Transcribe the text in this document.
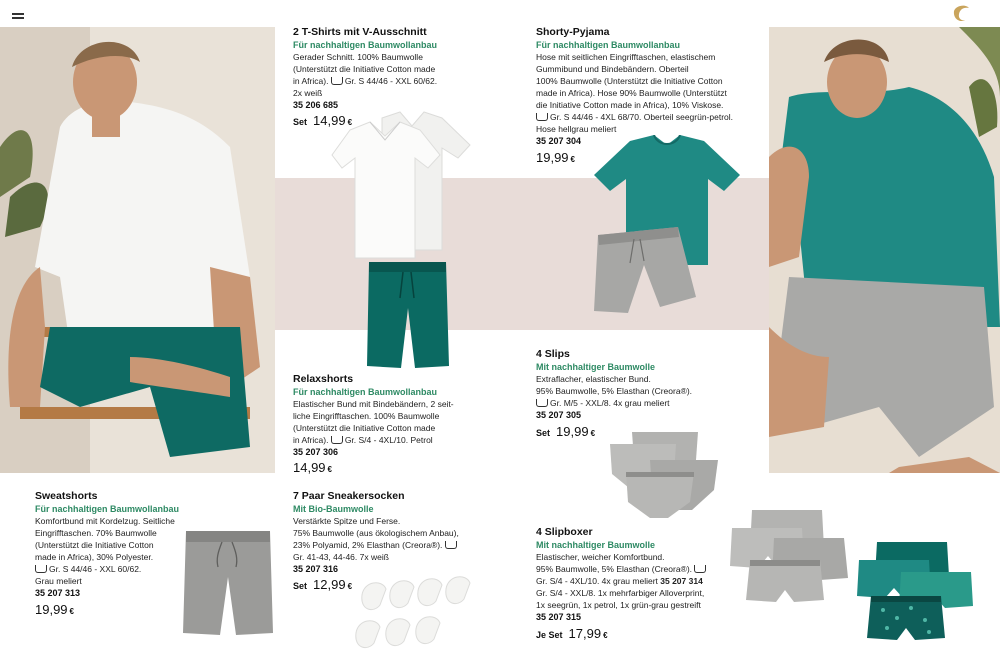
2 T-Shirts mit V-Ausschnitt
Für nachhaltigen Baumwollanbau
Gerader Schnitt. 100% Baumwolle
(Unterstützt die Initiative Cotton made
in Africa). Gr. S 44/46 - XXL 60/62.
2x weiß
35 206 685
Set 14,99 €
Relaxshorts
Für nachhaltigen Baumwollanbau
Elastischer Bund mit Bindebändern, 2 seit-
liche Eingrifftaschen. 100% Baumwolle
(Unterstützt die Initiative Cotton made
in Africa). Gr. S/4 - 4XL/10. Petrol
35 207 306
14,99 €
Shorty-Pyjama
Für nachhaltigen Baumwollanbau
Hose mit seitlichen Eingrifftaschen, elastischem
Gummibund und Bindebändern. Oberteil
100% Baumwolle (Unterstützt die Initiative Cotton
made in Africa). Hose 90% Baumwolle (Unterstützt
die Initiative Cotton made in Africa), 10% Viskose.
Gr. S 44/46 - 4XL 68/70. Oberteil seegrün-petrol.
Hose hellgrau meliert
35 207 304
19,99 €
4 Slips
Mit nachhaltiger Baumwolle
Extraflacher, elastischer Bund.
95% Baumwolle, 5% Elasthan (Creora®).
Gr. M/5 - XXL/8. 4x grau meliert
35 207 305
Set 19,99 €
Sweatshorts
Für nachhaltigen Baumwollanbau
Komfortbund mit Kordelzug. Seitliche
Eingrifftaschen. 70% Baumwolle
(Unterstützt die Initiative Cotton
made in Africa), 30% Polyester.
Gr. S 44/46 - XXL 60/62.
Grau meliert
35 207 313
19,99 €
7 Paar Sneakersocken
Mit Bio-Baumwolle
Verstärkte Spitze und Ferse.
75% Baumwolle (aus ökologischem Anbau),
23% Polyamid, 2% Elasthan (Creora®).
Gr. 41-43, 44-46. 7x weiß
35 207 316
Set 12,99 €
4 Slipboxer
Mit nachhaltiger Baumwolle
Elastischer, weicher Komfortbund.
95% Baumwolle, 5% Elasthan (Creora®).
Gr. S/4 - 4XL/10. 4x grau meliert 35 207 314
Gr. S/4 - XXL/8. 1x mehrfarbiger Alloverprint,
1x seegrün, 1x petrol, 1x grün-grau gestreift
35 207 315
Je Set 17,99 €
